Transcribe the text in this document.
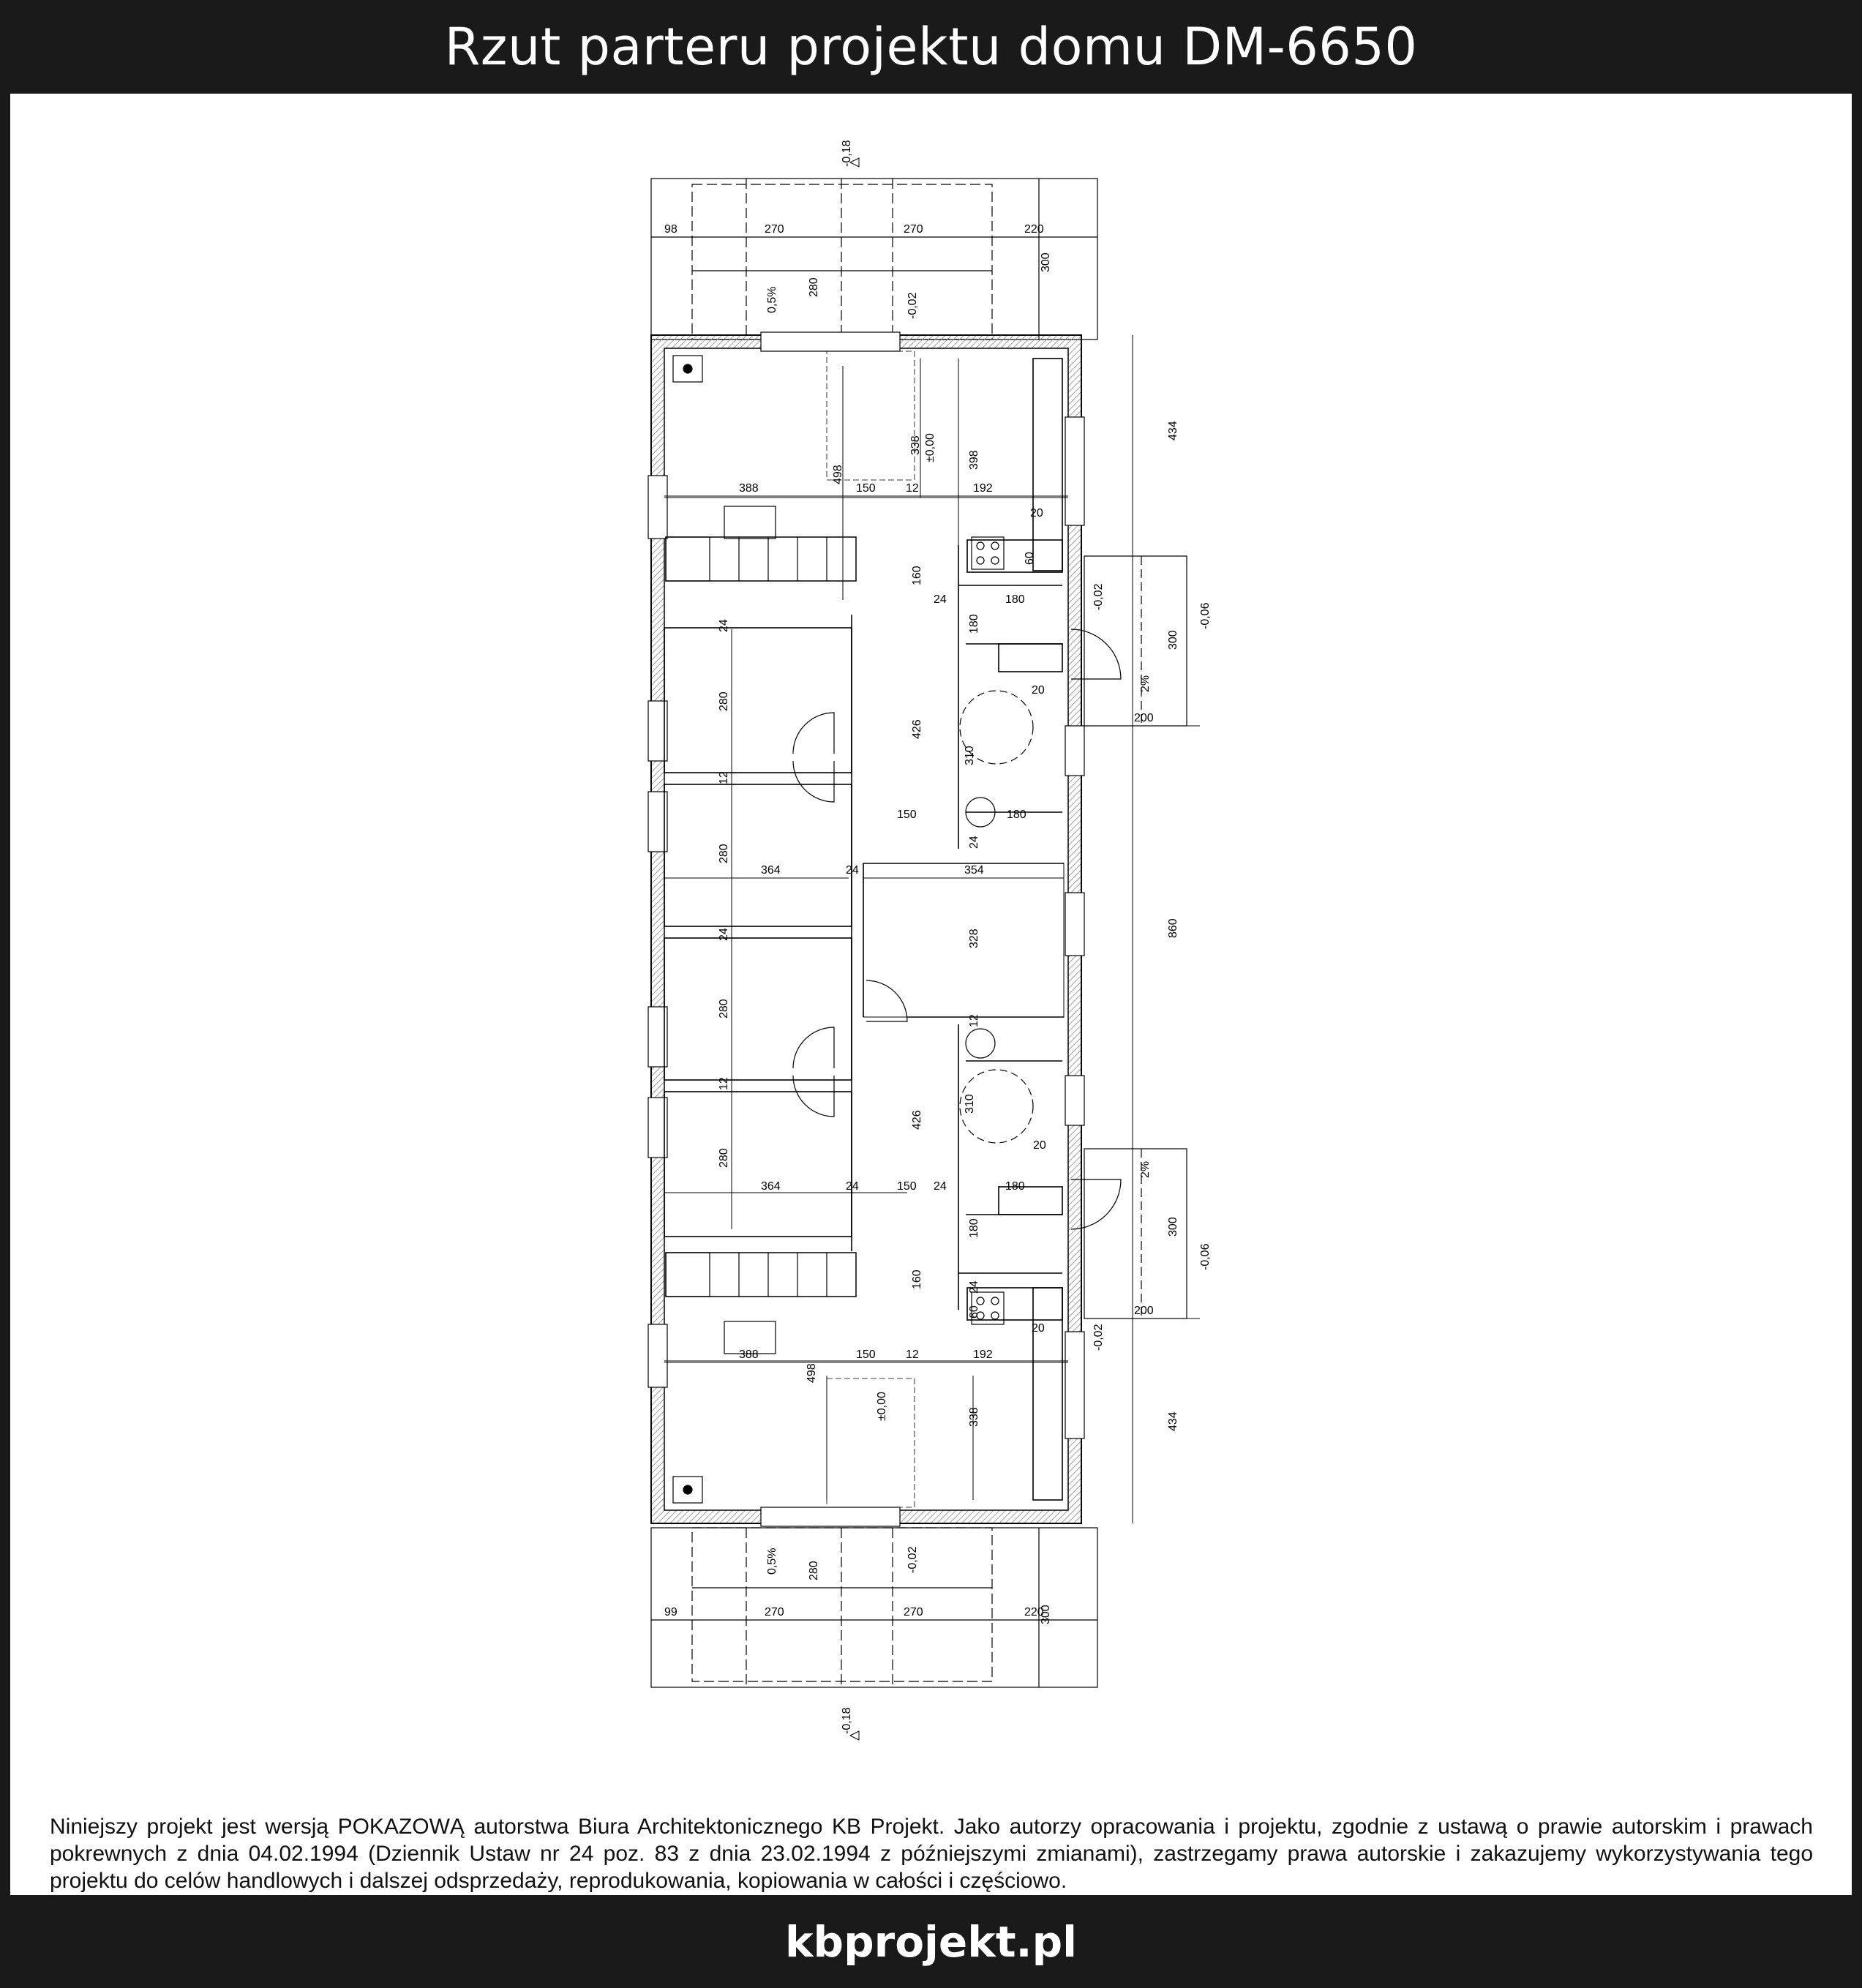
Rzut parteru projektu domu DM-6650
98	270	270	220
300
280
0,5%	-0,02
-0,18
388	150	12	192
498
338 ±0,00	398
20
60
160
24	180
180
426
310
150	180
24
20
-0,02
24
280
12
280
364	24	354
328
24
280
12
12
280
364	24
426
310
20
150 24	180
180
160	24
60
20
388	150	12	192
498
±0,00	338
-0,02
434
300
2%
-0,06
200
860
2%
300
-0,06
200
434
0,5%	280	-0,02
99	270	270	220
300
-0,18

Niniejszy projekt jest wersją POKAZOWĄ autorstwa Biura Architektonicznego KB Projekt. Jako autorzy opracowania i projektu, zgodnie z ustawą o prawie autorskim i prawach pokrewnych z dnia 04.02.1994 (Dziennik Ustaw nr 24 poz. 83 z dnia 23.02.1994 z późniejszymi zmianami), zastrzegamy prawa autorskie i zakazujemy wykorzystywania tego projektu do celów handlowych i dalszej odsprzedaży, reprodukowania, kopiowania w całości i częściowo.

kbprojekt.pl
